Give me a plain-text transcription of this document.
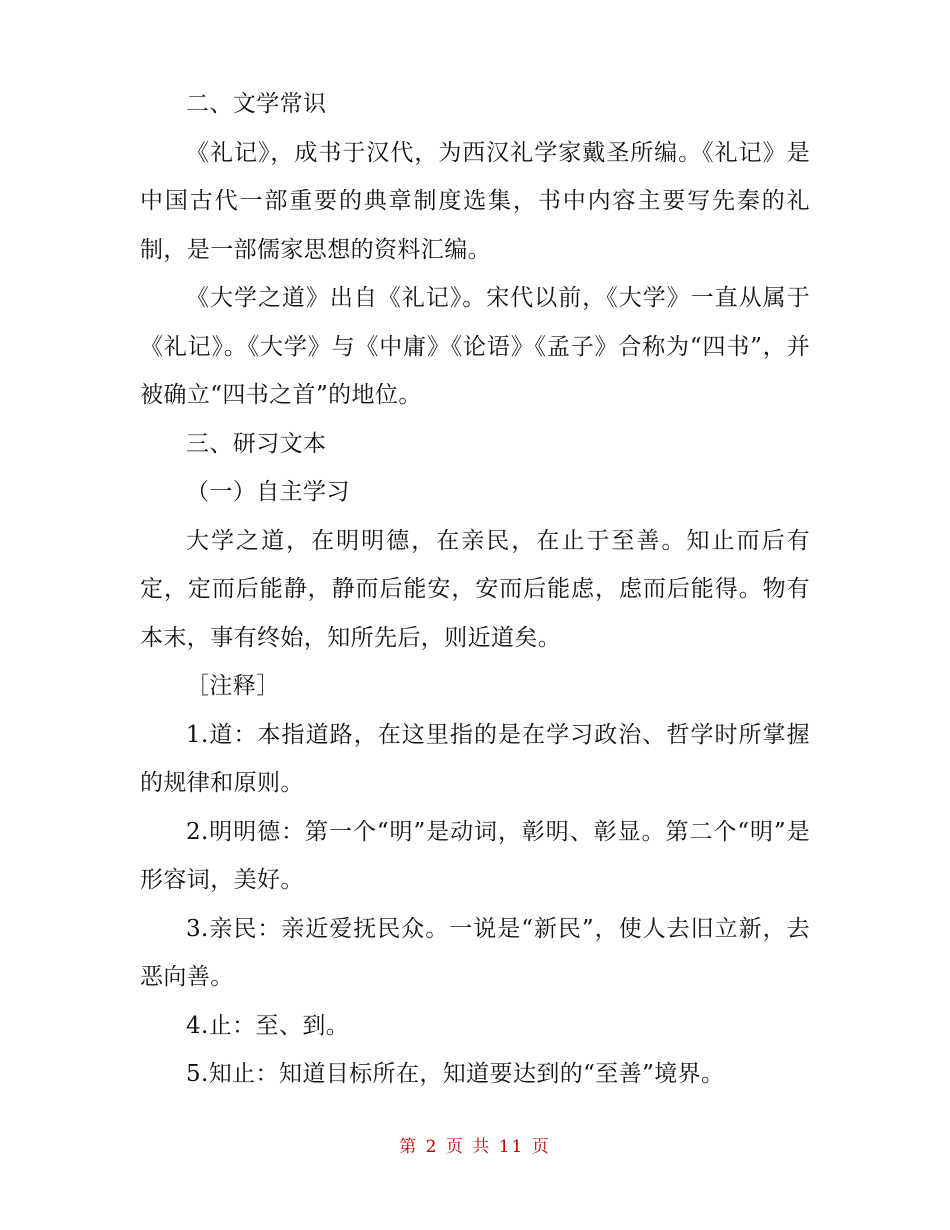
二、文学常识

《礼记》，成书于汉代，为西汉礼学家戴圣所编。《礼记》是中国古代一部重要的典章制度选集，书中内容主要写先秦的礼制，是一部儒家思想的资料汇编。

《大学之道》出自《礼记》。宋代以前，《大学》一直从属于《礼记》。《大学》与《中庸》《论语》《孟子》合称为“四书”，并被确立“四书之首”的地位。

三、研习文本

（一）自主学习

大学之道，在明明德，在亲民，在止于至善。知止而后有定，定而后能静，静而后能安，安而后能虑，虑而后能得。物有本末，事有终始，知所先后，则近道矣。

［注释］

1.道：本指道路，在这里指的是在学习政治、哲学时所掌握的规律和原则。

2.明明德：第一个“明”是动词，彰明、彰显。第二个“明”是形容词，美好。

3.亲民：亲近爱抚民众。一说是“新民”，使人去旧立新，去恶向善。

4.止：至、到。

5.知止：知道目标所在，知道要达到的“至善”境界。

第 2 页 共 11 页
